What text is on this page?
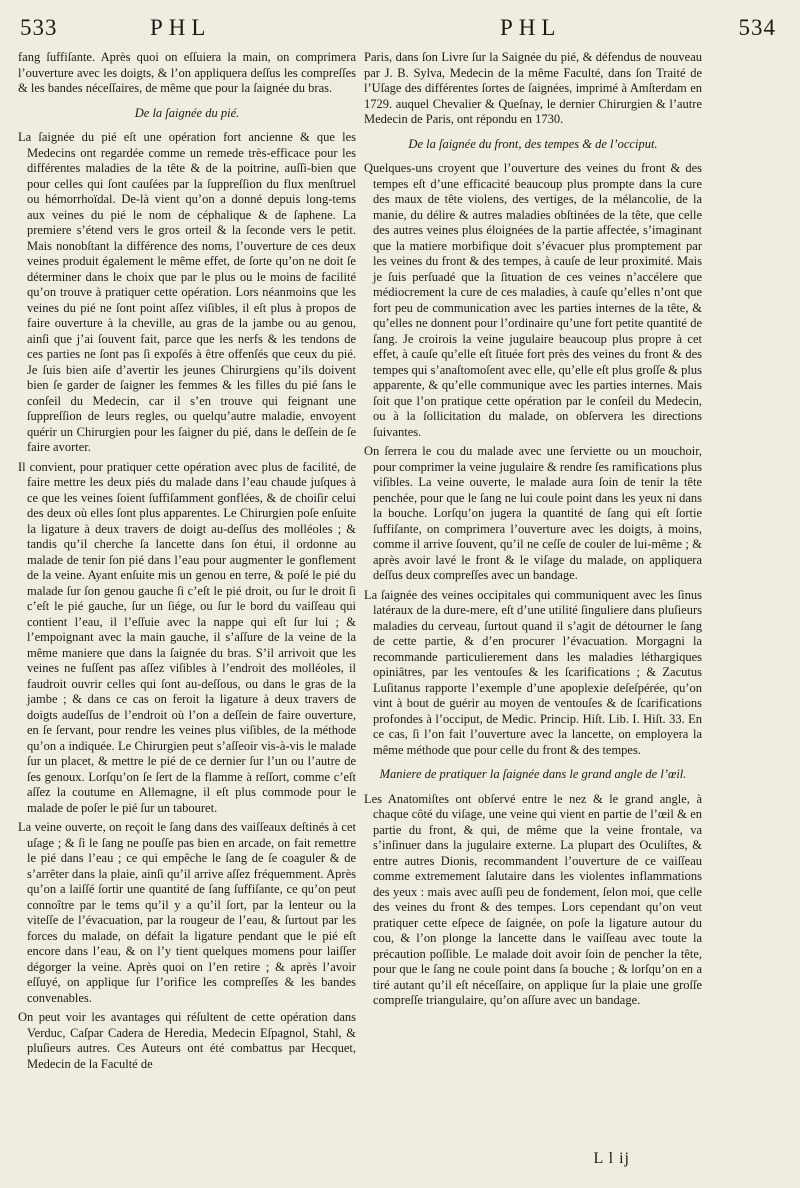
533	PHL	PHL	534

fang ſuffiſante. Après quoi on eſſuiera la main, on comprimera l’ouverture avec les doigts, & l’on appliquera deſſus les compreſſes & les bandes néceſſaires, de même que pour la ſaignée du bras.

De la ſaignée du pié.

La ſaignée du pié eſt une opération fort ancienne & que les Medecins ont regardée comme un remede très-efficace pour les différentes maladies de la tête & de la poitrine, auſſi-bien que pour celles qui ſont cauſées par la ſuppreſſion du flux menſtruel ou hémorrhoïdal. De-là vient qu’on a donné depuis long-tems aux veines du pié le nom de céphalique & de ſaphene. La premiere s’étend vers le gros orteil & la ſeconde vers le petit. Mais nonobſtant la différence des noms, l’ouverture de ces deux veines produit également le même effet, de ſorte qu’on ne doit ſe déterminer dans le choix que par le plus ou le moins de facilité qu’on trouve à pratiquer cette opération. Lors néanmoins que les veines du pié ne ſont point aſſez viſibles, il eſt plus à propos de faire ouverture à la cheville, au gras de la jambe ou au genou, ainſi que j’ai ſouvent fait, parce que les nerfs & les tendons de ces parties ne ſont pas ſi expoſés à être offenſés que ceux du pié. Je ſuis bien aiſe d’avertir les jeunes Chirurgiens qu’ils doivent bien ſe garder de ſaigner les femmes & les filles du pié ſans le conſeil du Medecin, car il s’en trouve qui feignant une ſuppreſſion de leurs regles, ou quelqu’autre maladie, envoyent quérir un Chirurgien pour les ſaigner du pié, dans le deſſein de ſe faire avorter.

Il convient, pour pratiquer cette opération avec plus de facilité, de faire mettre les deux piés du malade dans l’eau chaude juſques à ce que les veines ſoient ſuffiſamment gonflées, & de choiſir celui des deux où elles ſont plus apparentes. Le Chirurgien poſe enſuite la ligature à deux travers de doigt au-deſſus des molléoles ; & tandis qu’il cherche ſa lancette dans ſon étui, il ordonne au malade de tenir ſon pié dans l’eau pour augmenter le gonflement de la veine. Ayant enſuite mis un genou en terre, & poſé le pié du malade ſur ſon genou gauche ſi c’eſt le pié droit, ou ſur le droit ſi c’eſt le pié gauche, ſur un ſiége, ou ſur le bord du vaiſſeau qui contient l’eau, il l’eſſuie avec la nappe qui eſt ſur lui ; & l’empoignant avec la main gauche, il s’aſſure de la veine de la même maniere que dans la ſaignée du bras. S’il arrivoit que les veines ne fuſſent pas aſſez viſibles à l’endroit des molléoles, il faudroit ouvrir celles qui ſont au-deſſous, ou dans le gras de la jambe ; & dans ce cas on feroit la ligature à deux travers de doigts audeſſus de l’endroit où l’on a deſſein de faire ouverture, en ſe ſervant, pour rendre les veines plus viſibles, de la méthode qu’on a indiquée. Le Chirurgien peut s’aſſeoir vis-à-vis le malade ſur un placet, & mettre le pié de ce dernier ſur l’un ou l’autre de ſes genoux. Lorſqu’on ſe ſert de la flamme à reſſort, comme c’eſt aſſez la coutume en Allemagne, il eſt plus commode pour le malade de poſer le pié ſur un tabouret.

La veine ouverte, on reçoit le ſang dans des vaiſſeaux deſtinés à cet uſage ; & ſi le ſang ne pouſſe pas bien en arcade, on fait remettre le pié dans l’eau ; ce qui empêche le ſang de ſe coaguler & de s’arrêter dans la plaie, ainſi qu’il arrive aſſez fréquemment. Après qu’on a laiſſé ſortir une quantité de ſang ſuffiſante, ce qu’on peut connoître par le tems qu’il y a qu’il ſort, par la lenteur ou la viteſſe de l’évacuation, par la rougeur de l’eau, & ſurtout par les forces du malade, on défait la ligature pendant que le pié eſt encore dans l’eau, & on l’y tient quelques momens pour laiſſer dégorger la veine. Après quoi on l’en retire ; & après l’avoir eſſuyé, on applique ſur l’orifice les compreſſes & les bandes convenables.

On peut voir les avantages qui réſultent de cette opération dans Verduc, Caſpar Cadera de Heredia, Medecin Eſpagnol, Stahl, & pluſieurs autres. Ces Auteurs ont été combattus par Hecquet, Medecin de la Faculté de

Paris, dans ſon Livre ſur la Saignée du pié, & défendus de nouveau par J. B. Sylva, Medecin de la même Faculté, dans ſon Traité de l’Uſage des différentes ſortes de ſaignées, imprimé à Amſterdam en 1729. auquel Chevalier & Queſnay, le dernier Chirurgien & l’autre Medecin de Paris, ont répondu en 1730.

De la ſaignée du front, des tempes & de l’occiput.

Quelques-uns croyent que l’ouverture des veines du front & des tempes eſt d’une efficacité beaucoup plus prompte dans la cure des maux de tête violens, des vertiges, de la mélancolie, de la manie, du délire & autres maladies obſtinées de la tête, que celle des autres veines plus éloignées de la partie affectée, s’imaginant que la matiere morbifique doit s’évacuer plus promptement par les veines du front & des tempes, à cauſe de leur proximité. Mais je ſuis perſuadé que la ſituation de ces veines n’accélere que médiocrement la cure de ces maladies, à cauſe qu’elles n’ont que fort peu de communication avec les parties internes de la tête, & qu’elles ne donnent pour l’ordinaire qu’une fort petite quantité de ſang. Je croirois la veine jugulaire beaucoup plus propre à cet effet, à cauſe qu’elle eſt ſituée fort près des veines du front & des tempes qui s’anaſtomoſent avec elle, qu’elle eſt plus groſſe & plus apparente, & qu’elle communique avec les parties internes. Mais ſoit que l’on pratique cette opération par le conſeil du Medecin, ou à la ſollicitation du malade, on obſervera les directions ſuivantes.

On ſerrera le cou du malade avec une ſerviette ou un mouchoir, pour comprimer la veine jugulaire & rendre ſes ramifications plus viſibles. La veine ouverte, le malade aura ſoin de tenir la tête penchée, pour que le ſang ne lui coule point dans les yeux ni dans la bouche. Lorſqu’on jugera la quantité de ſang qui eſt ſortie ſuffiſante, on comprimera l’ouverture avec les doigts, à moins, comme il arrive ſouvent, qu’il ne ceſſe de couler de lui-même ; & après avoir lavé le front & le viſage du malade, on appliquera deſſus deux compreſſes avec un bandage.

La ſaignée des veines occipitales qui communiquent avec les ſinus latéraux de la dure-mere, eſt d’une utilité ſinguliere dans pluſieurs maladies du cerveau, ſurtout quand il s’agit de détourner le ſang de cette partie, & d’en procurer l’évacuation. Morgagni la recommande particulierement dans les maladies léthargiques opiniâtres, par les ventouſes & les ſcarifications ; & Zacutus Luſitanus rapporte l’exemple d’une apoplexie deſeſpérée, qu’on vint à bout de guérir au moyen de ventouſes & de ſcarifications profondes à l’occiput, de Medic. Princip. Hiſt. Lib. I. Hiſt. 33. En ce cas, ſi l’on fait l’ouverture avec la lancette, on employera la même méthode que pour celle du front & des tempes.

Maniere de pratiquer la ſaignée dans le grand angle de l’œil.

Les Anatomiſtes ont obſervé entre le nez & le grand angle, à chaque côté du viſage, une veine qui vient en partie de l’œil & en partie du front, & qui, de même que la veine frontale, va s’inſinuer dans la jugulaire externe. La plupart des Oculiſtes, & entre autres Dionis, recommandent l’ouverture de ce vaiſſeau comme extremement ſalutaire dans les violentes inflammations des yeux : mais avec auſſi peu de fondement, ſelon moi, que celle des veines du front & des tempes. Lors cependant qu’on veut pratiquer cette eſpece de ſaignée, on poſe la ligature autour du cou, & l’on plonge la lancette dans le vaiſſeau avec toute la précaution poſſible. Le malade doit avoir ſoin de pencher la tête, pour que le ſang ne coule point dans ſa bouche ; & lorſqu’on en a tiré autant qu’il eſt néceſſaire, on applique ſur la plaie une groſſe compreſſe triangulaire, qu’on aſſure avec un bandage.

L l ij
